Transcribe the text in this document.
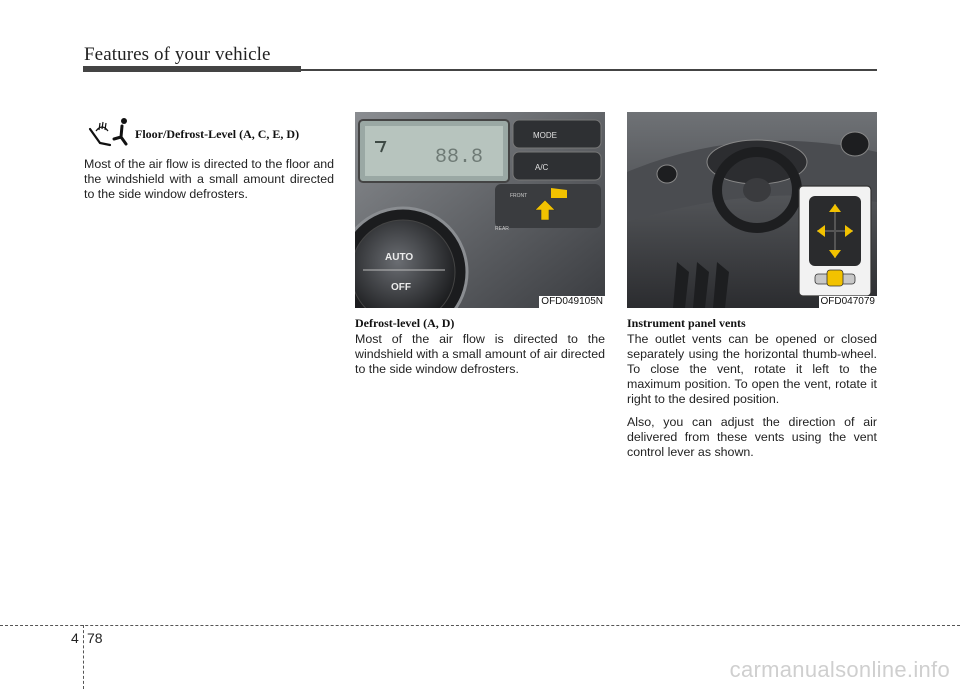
Features of your vehicle
Floor/Defrost-Level (A, C, E, D)

Most of the air flow is directed to the floor and the windshield with a small amount directed to the side window defrosters.

88.8
MODE
A/C
FRONT
REAR
AUTO
OFF
OFD049105N
Defrost-level (A, D)

Most of the air flow is directed to the windshield with a small amount of air directed to the side window defrosters.

OFD047079
Instrument panel vents

The outlet vents can be opened or closed separately using the horizontal thumb-wheel. To close the vent, rotate it left to the maximum position. To open the vent, rotate it right to the desired position.

Also, you can adjust the direction of air delivered from these vents using the vent control lever as shown.

4 78
carmanualsonline.info
